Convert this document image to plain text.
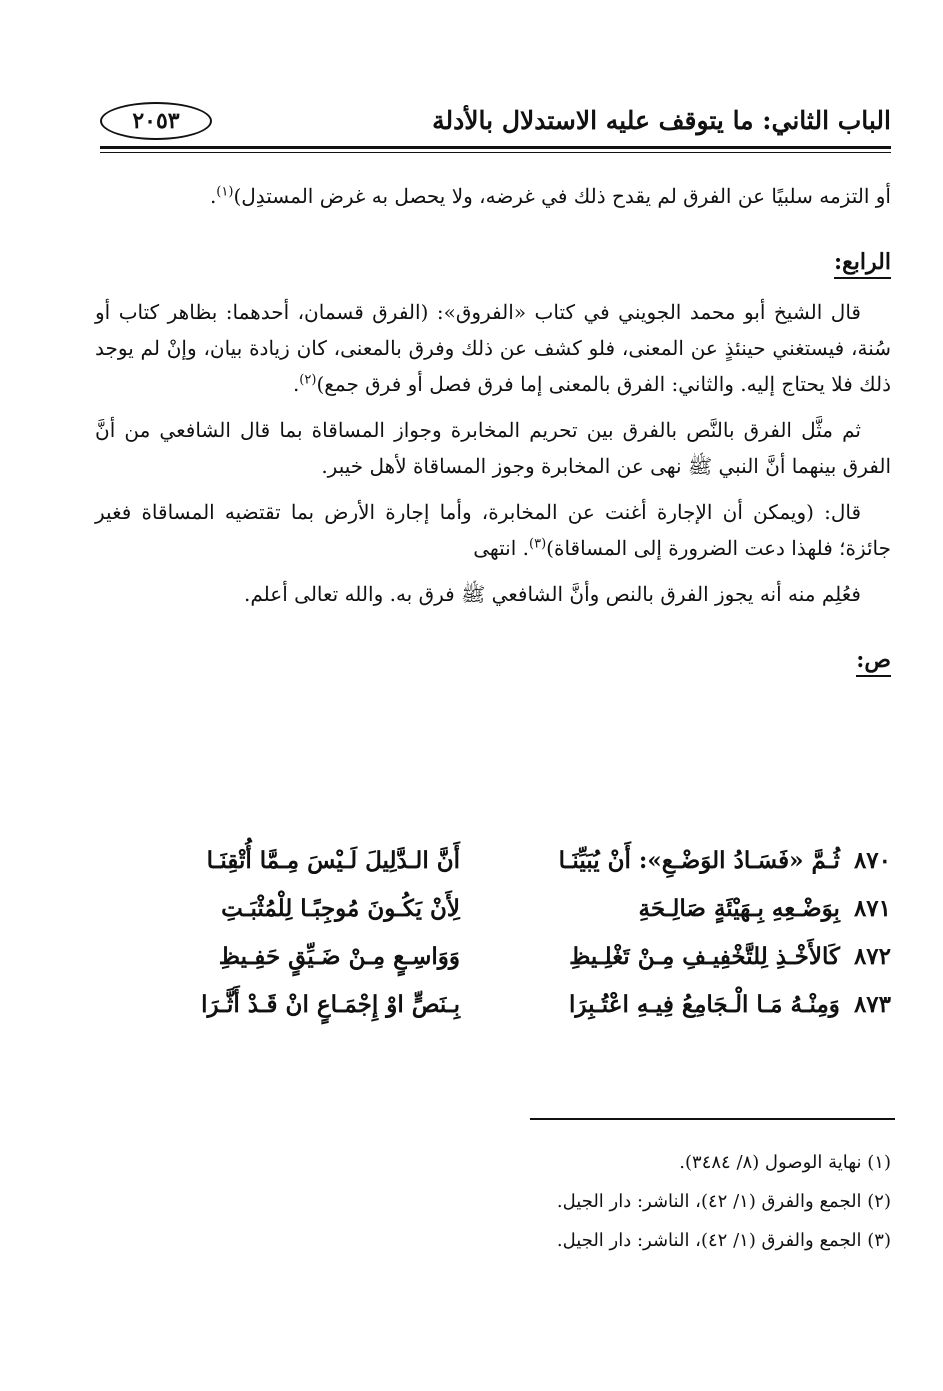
الباب الثاني: ما يتوقف عليه الاستدلال بالأدلة
٢٠٥٣

أو التزمه سلبيًا عن الفرق لم يقدح ذلك في غرضه، ولا يحصل به غرض المستدِل)$^{(١)}$.

الرابع:

قال الشيخ أبو محمد الجويني في كتاب «الفروق»: (الفرق قسمان، أحدهما: بظاهر كتاب أو سُنة، فيستغني حينئذٍ عن المعنى، فلو كشف عن ذلك وفرق بالمعنى، كان زيادة بيان، وإنْ لم يوجد ذلك فلا يحتاج إليه. والثاني: الفرق بالمعنى إما فرق فصل أو فرق جمع)$^{(٢)}$.

ثم مثَّل الفرق بالنَّص بالفرق بين تحريم المخابرة وجواز المساقاة بما قال الشافعي من أنَّ الفرق بينهما أنَّ النبي ﷺ نهى عن المخابرة وجوز المساقاة لأهل خيبر.

قال: (ويمكن أن الإجارة أغنت عن المخابرة، وأما إجارة الأرض بما تقتضيه المساقاة فغير جائزة؛ فلهذا دعت الضرورة إلى المساقاة)$^{(٣)}$. انتهى

فعُلِم منه أنه يجوز الفرق بالنص وأنَّ الشافعي ﷺ فرق به. والله تعالى أعلم.

ص:

٨٧٠ ثُـمَّ «فَسَـادُ الوَضْـعِ»: أَنْ يُبَيِّنَـا
أَنَّ الـدَّلِيلَ لَـيْسَ مِـمَّا أُتْقِنَـا
٨٧١ بِوَضْـعِهِ بِـهَيْئَةٍ صَالِـحَةِ
لِأَنْ يَكُـونَ مُوجِبًـا لِلْمُثْبَـتِ
٨٧٢ كَالأَخْـذِ لِلتَّخْفِيـفِ مِـنْ تَغْلِـيظِ
وَوَاسِـعٍ مِـنْ ضَـيِّقٍ حَفِـيظِ
٨٧٣ وَمِنْـهُ مَـا الْـجَامِعُ فِيـهِ اعْتُـبِرَا
بِـنَصٍّ اوْ إِجْمَـاعٍ انْ قَـدْ أَثَّـرَا
(١) نهاية الوصول (٨/ ٣٤٨٤).
(٢) الجمع والفرق (١/ ٤٢)، الناشر: دار الجيل.
(٣) الجمع والفرق (١/ ٤٢)، الناشر: دار الجيل.
